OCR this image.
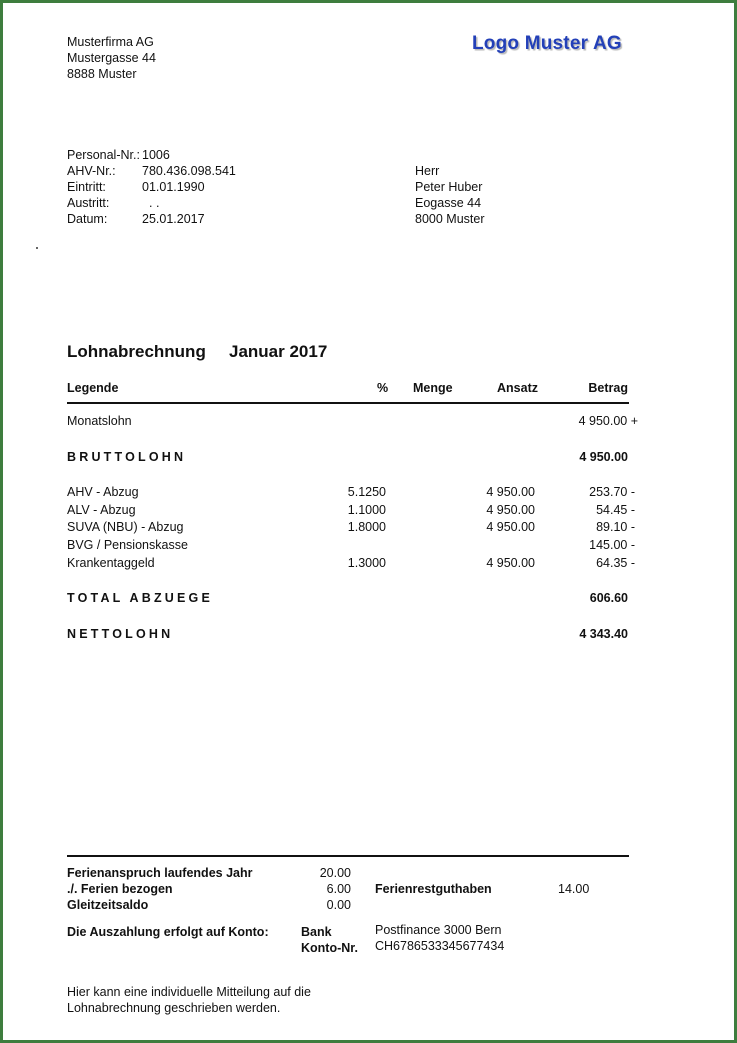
Musterfirma AG
Mustergasse 44
8888 Muster
Logo Muster AG
Personal-Nr.: 1006
AHV-Nr.: 780.436.098.541
Eintritt:	01.01.1990
Austritt:	. .
Datum:	25.01.2017
Herr
Peter Huber
Eogasse 44
8000 Muster
Lohnabrechnung Januar 2017
Legende	% Menge	Ansatz	Betrag
Monatslohn	4 950.00 +
BRUTTOLOHN	4 950.00
AHV - Abzug	5.1250	4 950.00	253.70 -
ALV - Abzug	1.1000	4 950.00	54.45 -
SUVA (NBU) - Abzug	1.8000	4 950.00	89.10 -
BVG / Pensionskasse	145.00 -
Krankentaggeld	1.3000	4 950.00	64.35 -
TOTAL ABZUEGE	606.60
NETTOLOHN	4 343.40
Ferienanspruch laufendes Jahr	20.00
./. Ferien bezogen	6.00 Ferienrestguthaben	14.00
Gleitzeitsaldo	0.00
Die Auszahlung erfolgt auf Konto:	Bank	Postfinance 3000 Bern
Konto-Nr. CH6786533345677434
Hier kann eine individuelle Mitteilung auf die
Lohnabrechnung geschrieben werden.
